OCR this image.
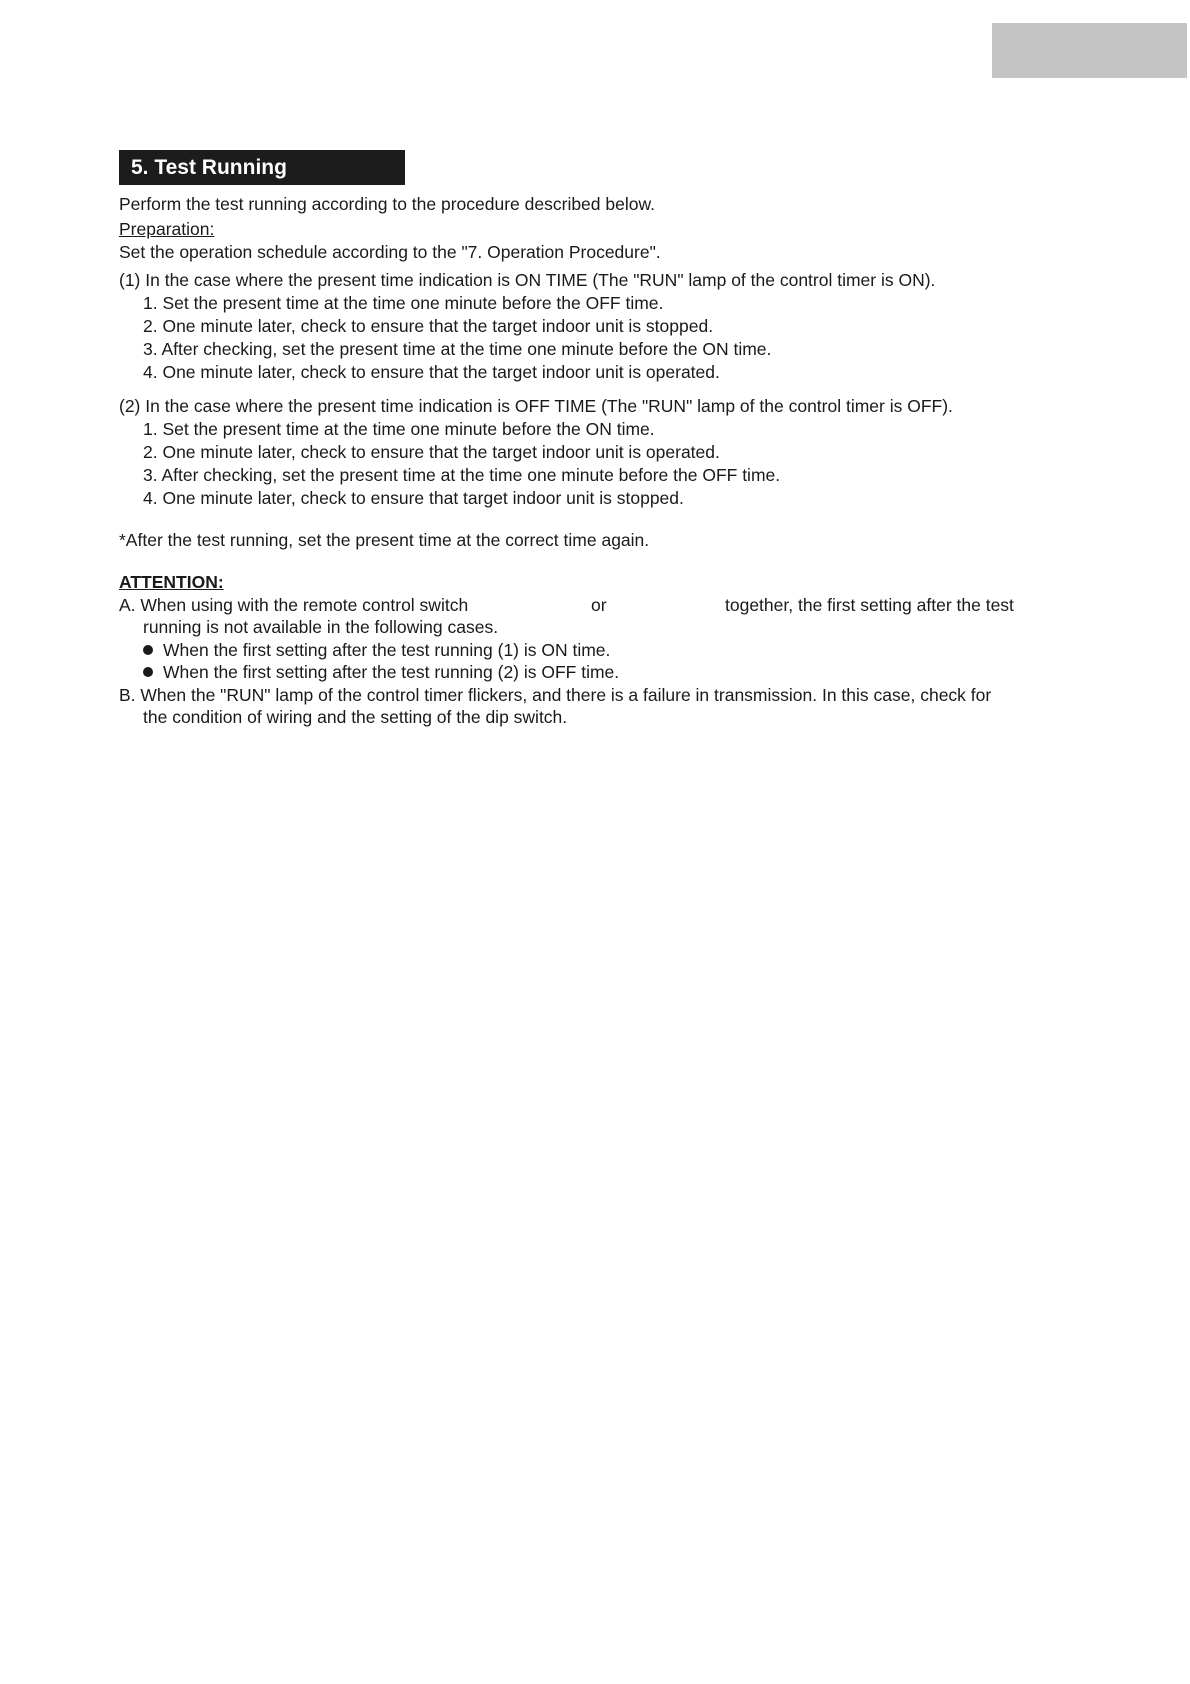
5. Test Running
Perform the test running according to the procedure described below.
Preparation:
Set the operation schedule according to the "7. Operation Procedure".
(1) In the case where the present time indication is ON TIME (The "RUN" lamp of the control timer is ON).
1. Set the present time at the time one minute before the OFF time.
2. One minute later, check to ensure that the target indoor unit is stopped.
3. After checking, set the present time at the time one minute before the ON time.
4. One minute later, check to ensure that the target indoor unit is operated.
(2) In the case where the present time indication is OFF TIME (The "RUN" lamp of the control timer is OFF).
1. Set the present time at the time one minute before the ON time.
2. One minute later, check to ensure that the target indoor unit is operated.
3. After checking, set the present time at the time one minute before the OFF time.
4. One minute later, check to ensure that target indoor unit is stopped.
*After the test running, set the present time at the correct time again.
ATTENTION:
A. When using with the remote control switch	or	together, the first setting after the test
running is not available in the following cases.
When the first setting after the test running (1) is ON time.
When the first setting after the test running (2) is OFF time.
B. When the "RUN" lamp of the control timer flickers, and there is a failure in transmission. In this case, check for
the condition of wiring and the setting of the dip switch.
